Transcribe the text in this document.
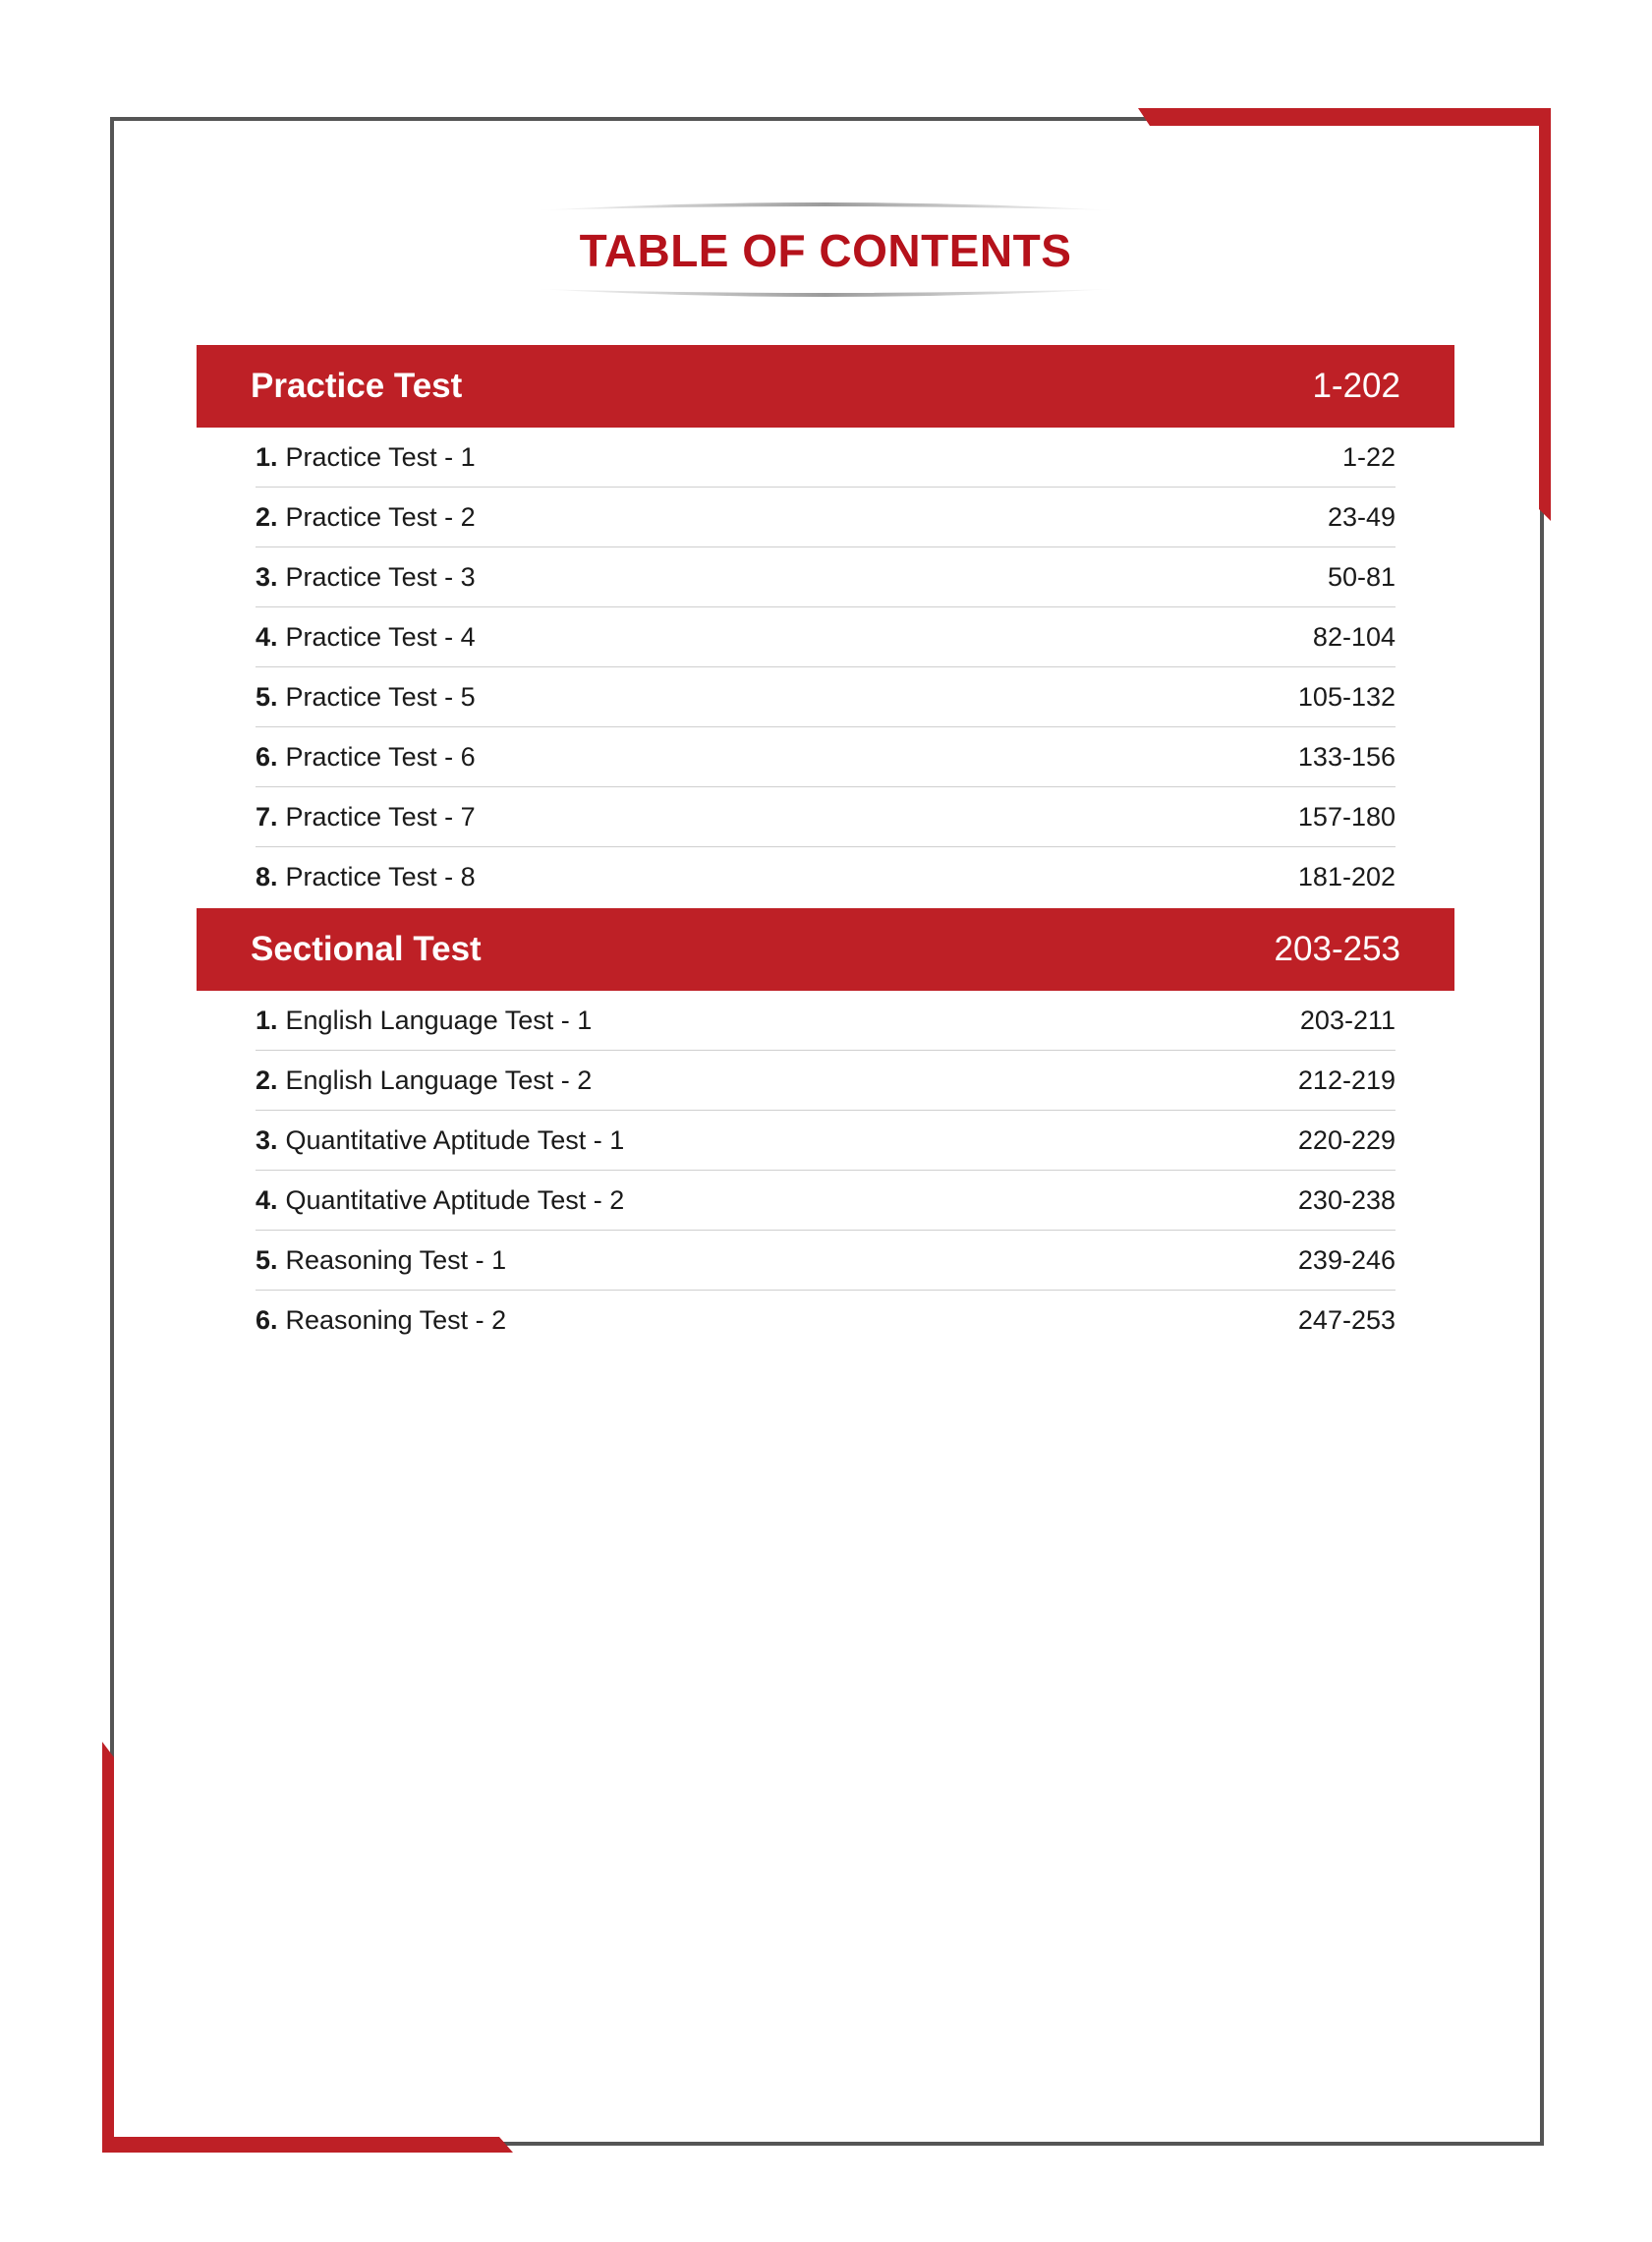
TABLE OF CONTENTS
Practice Test	1-202
1. Practice Test - 1	1-22
2. Practice Test - 2	23-49
3. Practice Test - 3	50-81
4. Practice Test - 4	82-104
5. Practice Test - 5	105-132
6. Practice Test - 6	133-156
7. Practice Test - 7	157-180
8. Practice Test - 8	181-202
Sectional Test	203-253
1. English Language Test - 1	203-211
2. English Language Test - 2	212-219
3. Quantitative Aptitude Test - 1	220-229
4. Quantitative Aptitude Test - 2	230-238
5. Reasoning Test - 1	239-246
6. Reasoning Test - 2	247-253
